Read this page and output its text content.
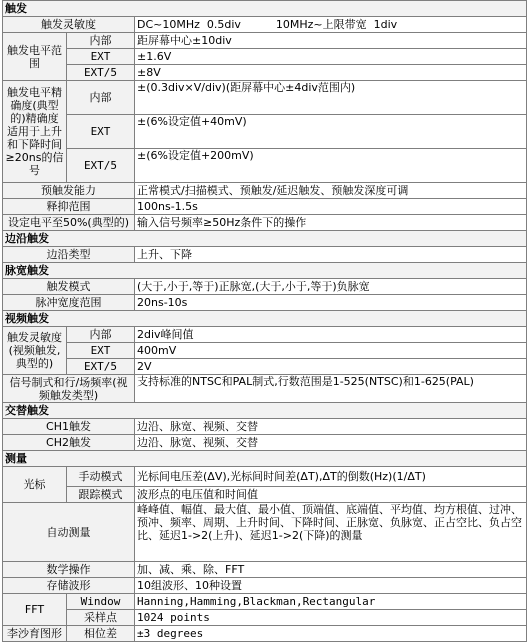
触发		
触发灵敏度		DC~10MHz  0.5div          10MHz~上限带宽  1div
触发电平范围	内部	距屏幕中心±10div
	EXT	±1.6V
	EXT/5	±8V
触发电平精确度(典型的)精确度适用于上升和下降时间≥20ns的信号	内部	±(0.3div×V/div)(距屏幕中心±4div范围内)
	EXT	±(6%设定值+40mV)
	EXT/5	±(6%设定值+200mV)
预触发能力		正常模式/扫描模式、预触发/延迟触发、预触发深度可调
释抑范围		100ns-1.5s
设定电平至50%(典型的)		输入信号频率≥50Hz条件下的操作
边沿触发		
边沿类型		上升、下降
脉宽触发		
触发模式		(大于,小于,等于)正脉宽,(大于,小于,等于)负脉宽
脉冲宽度范围		20ns-10s
视频触发		
触发灵敏度(视频触发,典型的)	内部	2div峰间值
	EXT	400mV
	EXT/5	2V
信号制式和行/场频率(视频触发类型)		支持标准的NTSC和PAL制式,行数范围是1-525(NTSC)和1-625(PAL)
交替触发		
CH1触发		边沿、脉宽、视频、交替
CH2触发		边沿、脉宽、视频、交替
测量		
光标	手动模式	光标间电压差(ΔV),光标间时间差(ΔT),ΔT的倒数(Hz)(1/ΔT)
	跟踪模式	波形点的电压值和时间值
自动测量		峰峰值、幅值、最大值、最小值、顶端值、底端值、平均值、均方根值、过冲、预冲、频率、周期、上升时间、下降时间、正脉宽、负脉宽、正占空比、负占空比、延迟1->2(上升)、延迟1->2(下降)的测量
数学操作		加、减、乘、除、FFT
存储波形		10组波形、10种设置
FFT	Window	Hanning,Hamming,Blackman,Rectangular
	采样点	1024 points
李沙育图形	相位差	±3 degrees
